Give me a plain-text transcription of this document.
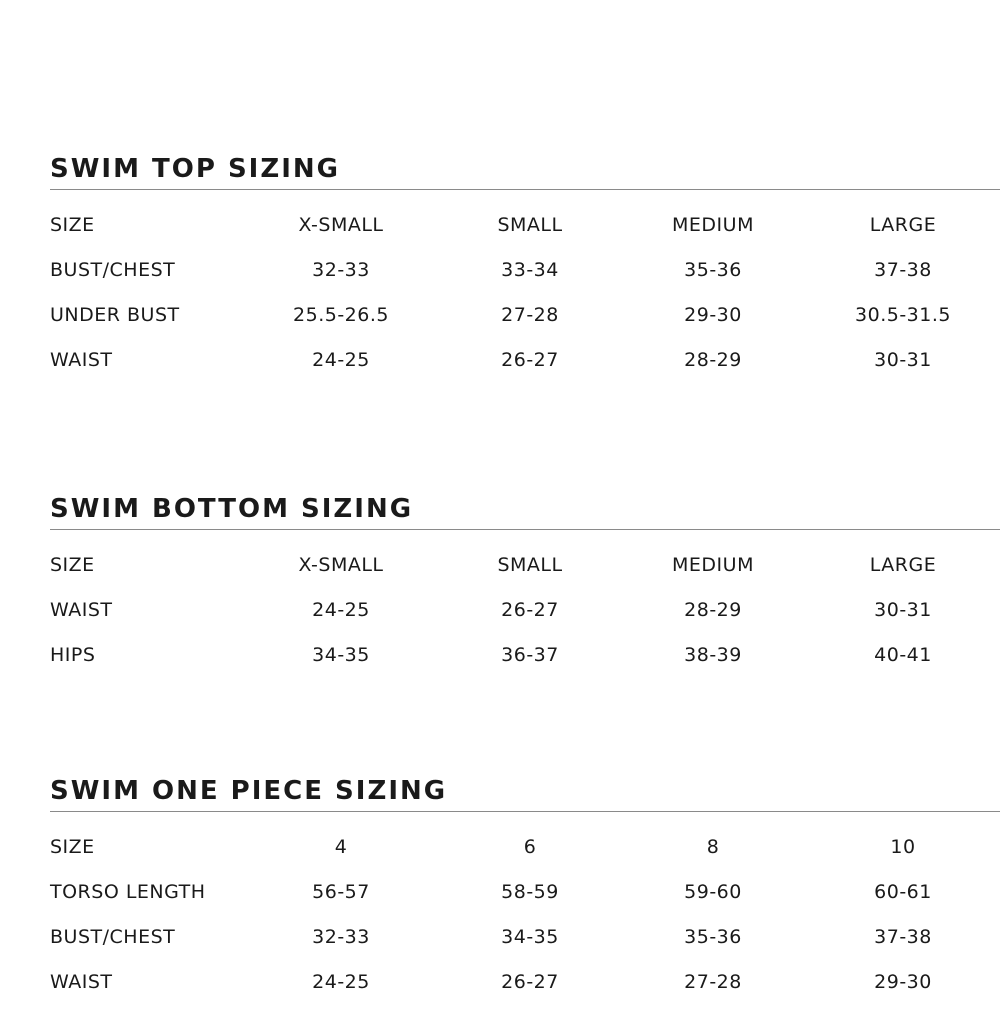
SWIM TOP SIZING
SIZE	X-SMALL	SMALL	MEDIUM	LARGE
BUST/CHEST	32-33	33-34	35-36	37-38
UNDER BUST	25.5-26.5	27-28	29-30	30.5-31.5
WAIST	24-25	26-27	28-29	30-31
SWIM BOTTOM SIZING
SIZE	X-SMALL	SMALL	MEDIUM	LARGE
WAIST	24-25	26-27	28-29	30-31
HIPS	34-35	36-37	38-39	40-41
SWIM ONE PIECE SIZING
SIZE	4	6	8	10
TORSO LENGTH	56-57	58-59	59-60	60-61
BUST/CHEST	32-33	34-35	35-36	37-38
WAIST	24-25	26-27	27-28	29-30
